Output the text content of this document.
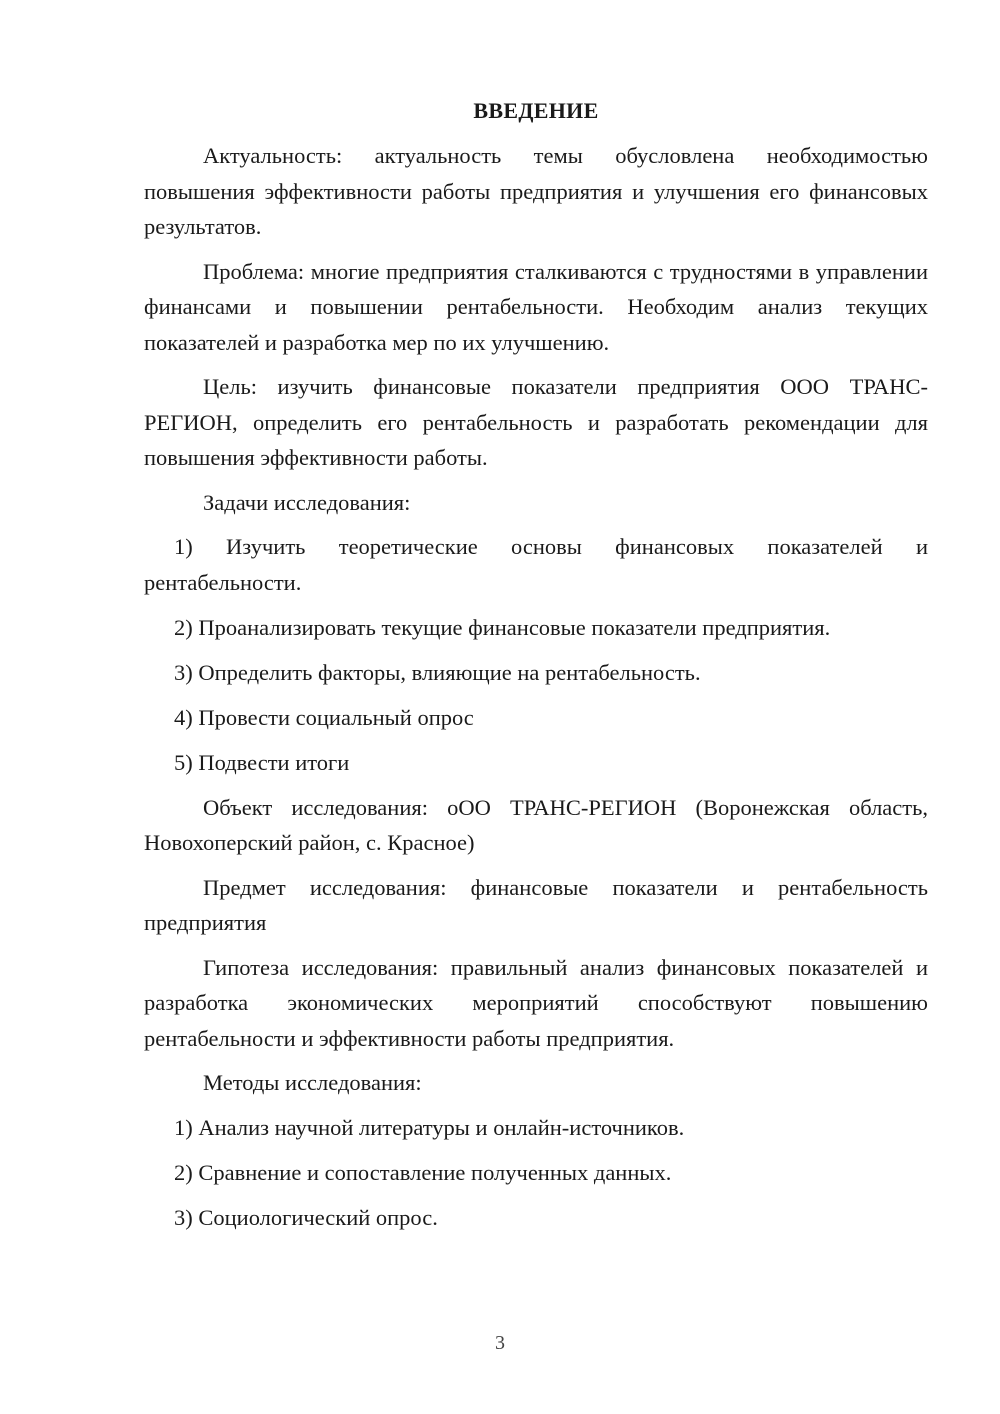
ВВЕДЕНИЕ

Актуальность: актуальность темы обусловлена необходимостью повышения эффективности работы предприятия и улучшения его финансовых результатов.

Проблема: многие предприятия сталкиваются с трудностями в управлении финансами и повышении рентабельности. Необходим анализ текущих показателей и разработка мер по их улучшению.

Цель: изучить финансовые показатели предприятия ООО ТРАНС-РЕГИОН, определить его рентабельность и разработать рекомендации для повышения эффективности работы.

Задачи исследования:

1) Изучить теоретические основы финансовых показателей и
рентабельности.
2) Проанализировать текущие финансовые показатели предприятия.
3) Определить факторы, влияющие на рентабельность.
4) Провести социальный опрос
5) Подвести итоги

Объект исследования: оОО ТРАНС-РЕГИОН (Воронежская область, Новохоперский район, с. Красное)

Предмет исследования: финансовые показатели и рентабельность предприятия

Гипотеза исследования: правильный анализ финансовых показателей и разработка экономических мероприятий способствуют повышению рентабельности и эффективности работы предприятия.

Методы исследования:

1) Анализ научной литературы и онлайн-источников.
2) Сравнение и сопоставление полученных данных.
3) Социологический опрос.
3
